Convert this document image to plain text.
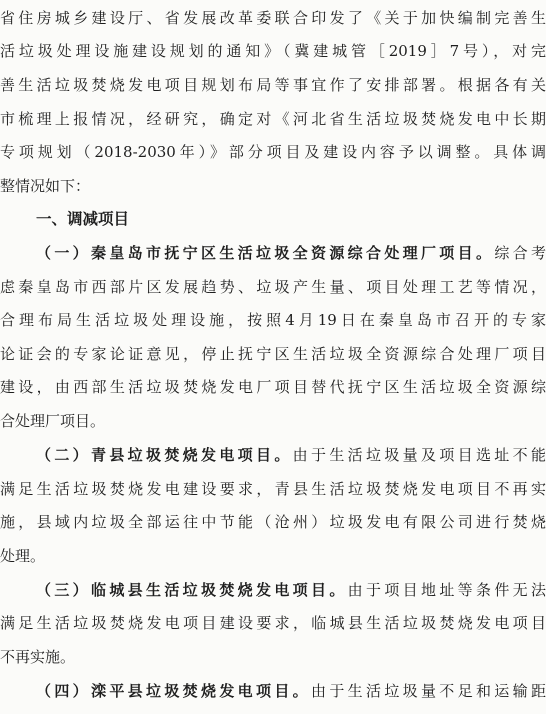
省住房城乡建设厅、省发展改革委联合印发了《关于加快编制完善生
活垃圾处理设施建设规划的通知》（冀建城管［2019］7号），对完
善生活垃圾焚烧发电项目规划布局等事宜作了安排部署。根据各有关
市梳理上报情况，经研究，确定对《河北省生活垃圾焚烧发电中长期
专项规划（2018-2030年）》部分项目及建设内容予以调整。具体调
整情况如下：
一、调减项目
（一）秦皇岛市抚宁区生活垃圾全资源综合处理厂项目。综合考
虑秦皇岛市西部片区发展趋势、垃圾产生量、项目处理工艺等情况，
合理布局生活垃圾处理设施，按照4月19日在秦皇岛市召开的专家
论证会的专家论证意见，停止抚宁区生活垃圾全资源综合处理厂项目
建设，由西部生活垃圾焚烧发电厂项目替代抚宁区生活垃圾全资源综
合处理厂项目。
（二）青县垃圾焚烧发电项目。由于生活垃圾量及项目选址不能
满足生活垃圾焚烧发电建设要求，青县生活垃圾焚烧发电项目不再实
施，县域内垃圾全部运往中节能（沧州）垃圾发电有限公司进行焚烧
处理。
（三）临城县生活垃圾焚烧发电项目。由于项目地址等条件无法
满足生活垃圾焚烧发电项目建设要求，临城县生活垃圾焚烧发电项目
不再实施。
（四）滦平县垃圾焚烧发电项目。由于生活垃圾量不足和运输距
